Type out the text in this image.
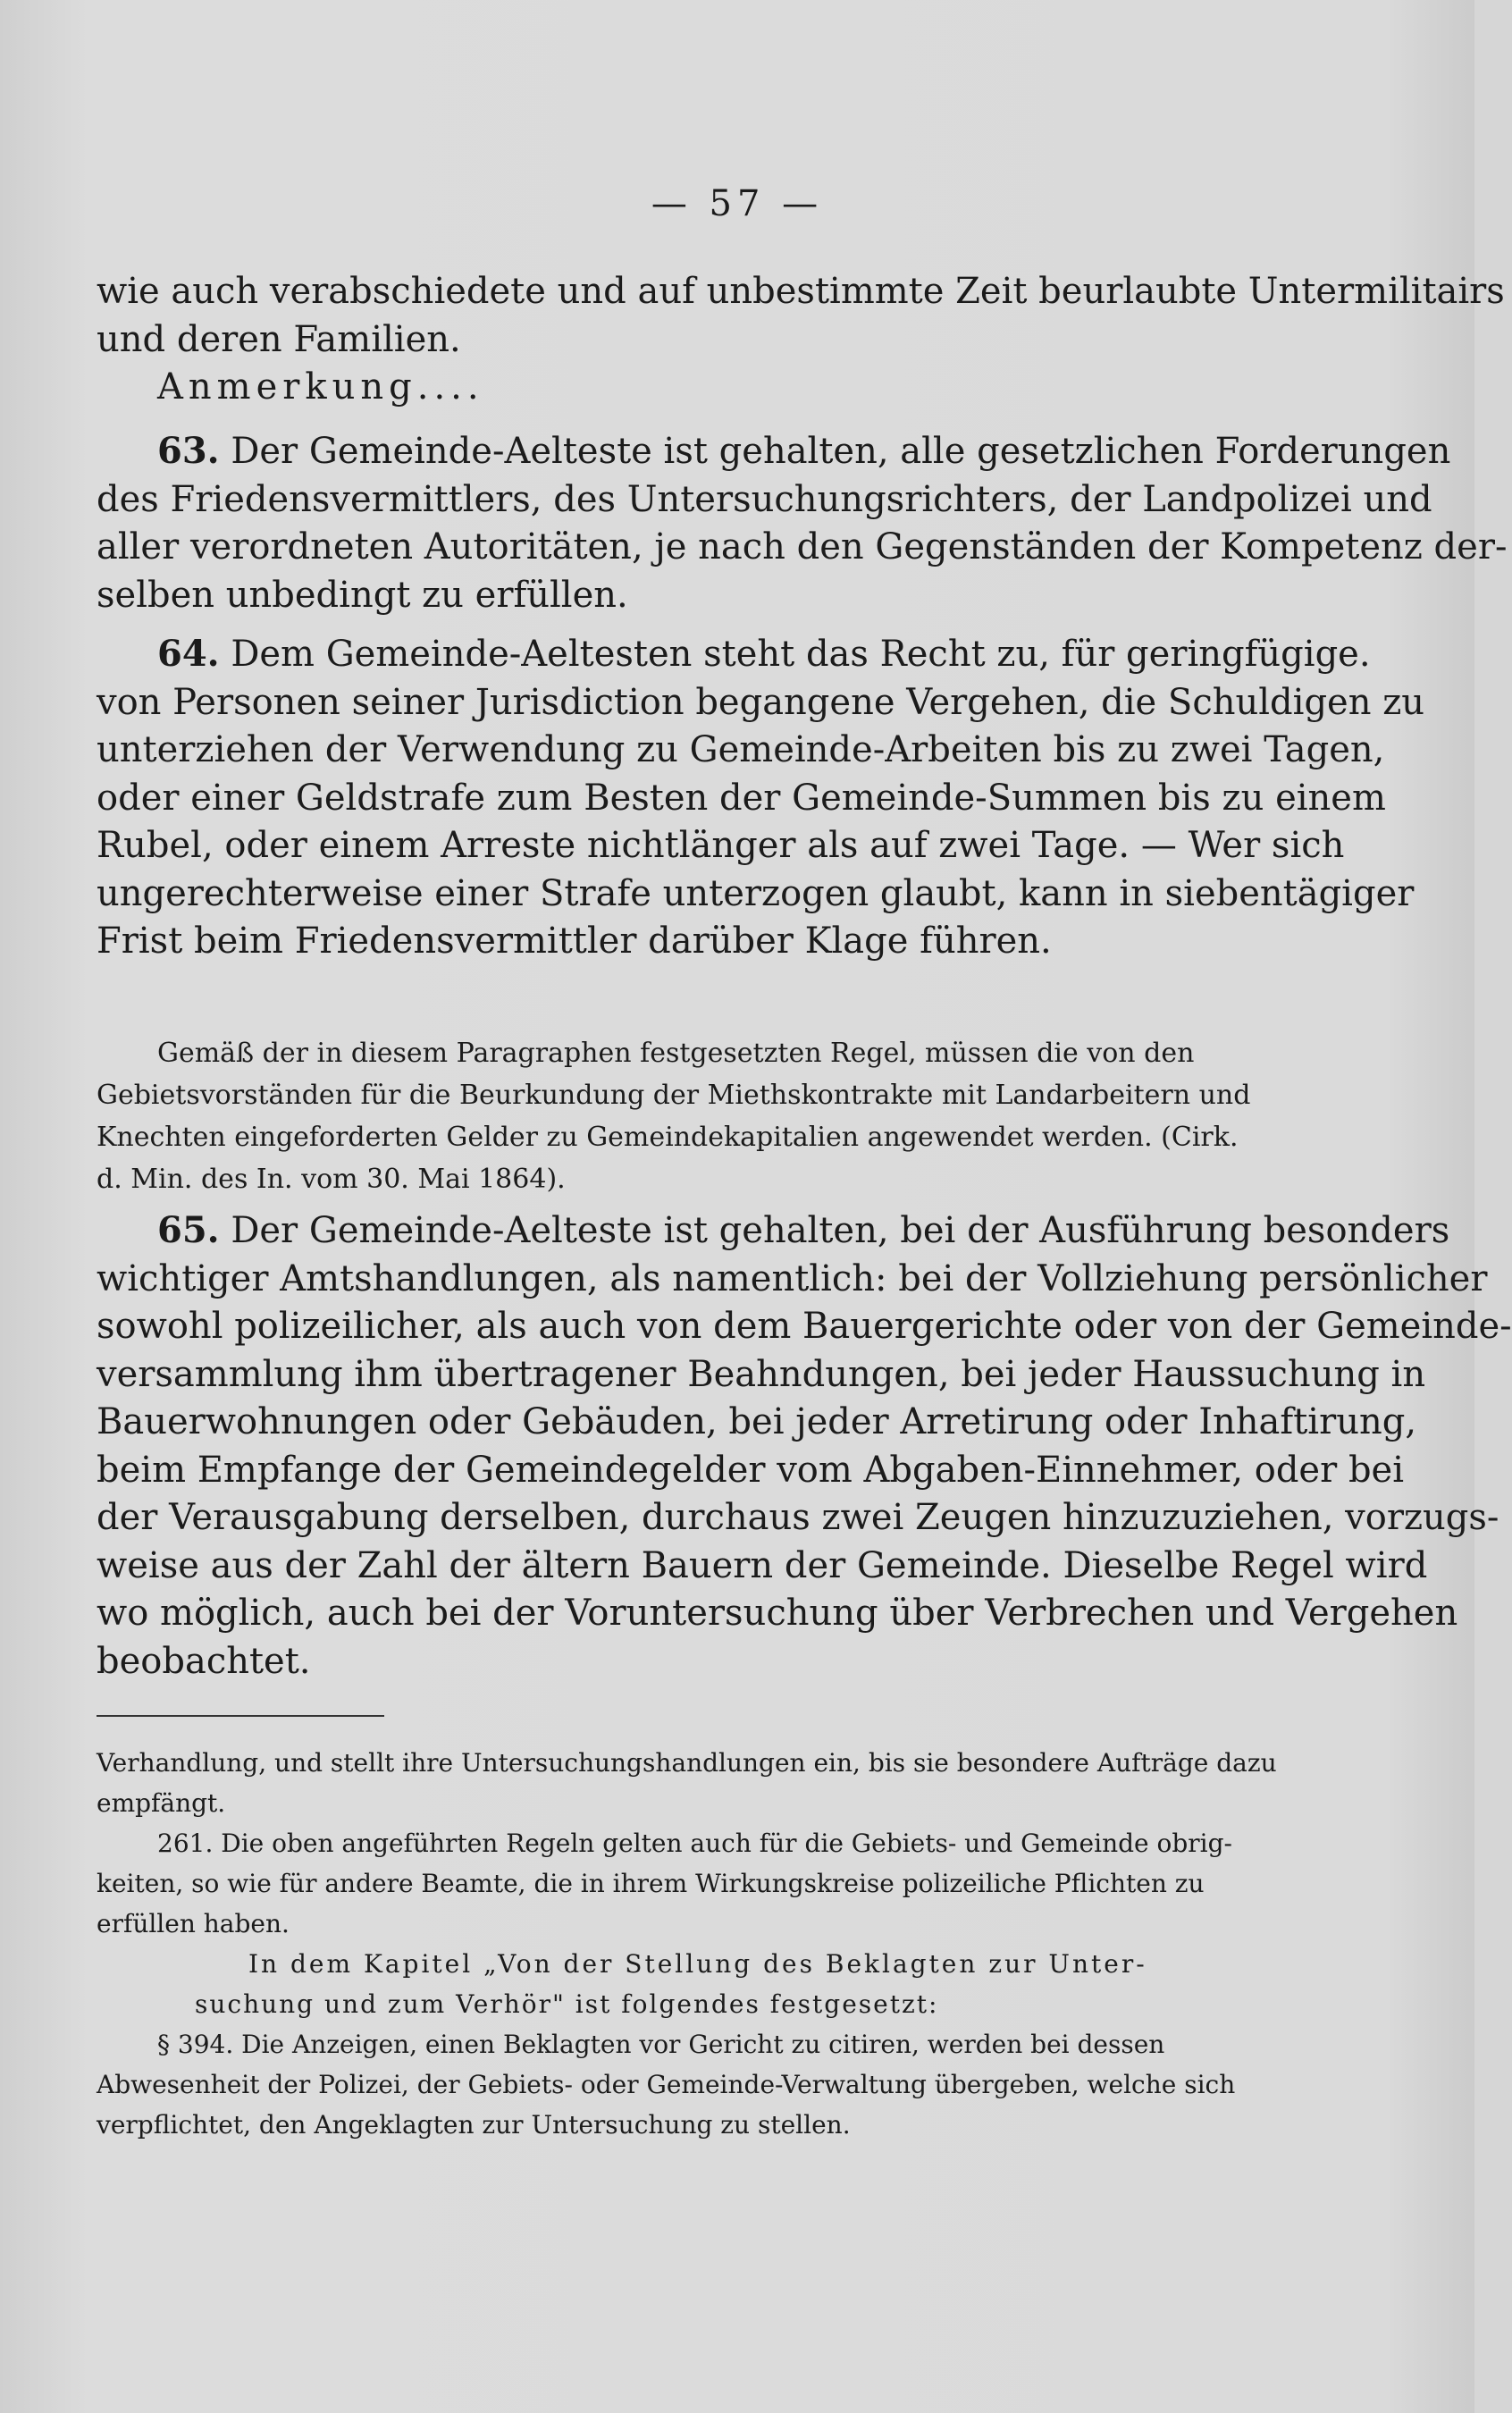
— 57 —
wie auch verabschiedete und auf unbestimmte Zeit beurlaubte Untermilitairs
und deren Familien.
Anmerkung....
63. Der Gemeinde-Aelteste ist gehalten, alle gesetzlichen Forderungen
des Friedensvermittlers, des Untersuchungsrichters, der Landpolizei und
aller verordneten Autoritäten, je nach den Gegenständen der Kompetenz der-
selben unbedingt zu erfüllen.
64. Dem Gemeinde-Aeltesten steht das Recht zu, für geringfügige.
von Personen seiner Jurisdiction begangene Vergehen, die Schuldigen zu
unterziehen der Verwendung zu Gemeinde-Arbeiten bis zu zwei Tagen,
oder einer Geldstrafe zum Besten der Gemeinde-Summen bis zu einem
Rubel, oder einem Arreste nichtlänger als auf zwei Tage. — Wer sich
ungerechterweise einer Strafe unterzogen glaubt, kann in siebentägiger
Frist beim Friedensvermittler darüber Klage führen.
Gemäß der in diesem Paragraphen festgesetzten Regel, müssen die von den
Gebietsvorständen für die Beurkundung der Miethskontrakte mit Landarbeitern und
Knechten eingeforderten Gelder zu Gemeindekapitalien angewendet werden. (Cirk.
d. Min. des In. vom 30. Mai 1864).
65. Der Gemeinde-Aelteste ist gehalten, bei der Ausführung besonders
wichtiger Amtshandlungen, als namentlich: bei der Vollziehung persönlicher
sowohl polizeilicher, als auch von dem Bauergerichte oder von der Gemeinde-
versammlung ihm übertragener Beahndungen, bei jeder Haussuchung in
Bauerwohnungen oder Gebäuden, bei jeder Arretirung oder Inhaftirung,
beim Empfange der Gemeindegelder vom Abgaben-Einnehmer, oder bei
der Verausgabung derselben, durchaus zwei Zeugen hinzuzuziehen, vorzugs-
weise aus der Zahl der ältern Bauern der Gemeinde. Dieselbe Regel wird
wo möglich, auch bei der Voruntersuchung über Verbrechen und Vergehen
beobachtet.
Verhandlung, und stellt ihre Untersuchungshandlungen ein, bis sie besondere Aufträge dazu
empfängt.
261. Die oben angeführten Regeln gelten auch für die Gebiets- und Gemeinde obrig-
keiten, so wie für andere Beamte, die in ihrem Wirkungskreise polizeiliche Pflichten zu
erfüllen haben.
In dem Kapitel „Von der Stellung des Beklagten zur Unter-
suchung und zum Verhör" ist folgendes festgesetzt:
§ 394. Die Anzeigen, einen Beklagten vor Gericht zu citiren, werden bei dessen
Abwesenheit der Polizei, der Gebiets- oder Gemeinde-Verwaltung übergeben, welche sich
verpflichtet, den Angeklagten zur Untersuchung zu stellen.
